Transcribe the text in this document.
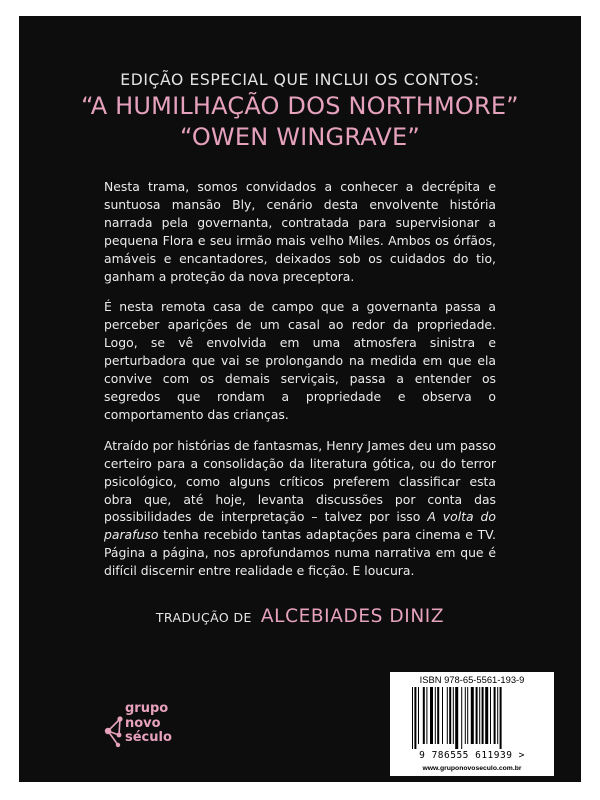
EDIÇÃO ESPECIAL QUE INCLUI OS CONTOS:
“A HUMILHAÇÃO DOS NORTHMORE”
“OWEN WINGRAVE”

Nesta trama, somos convidados a conhecer a decrépita e suntuosa mansão Bly, cenário desta envolvente história narrada pela governanta, contratada para supervisionar a pequena Flora e seu irmão mais velho Miles. Ambos os órfãos, amáveis e encantadores, deixados sob os cuidados do tio, ganham a proteção da nova preceptora.

É nesta remota casa de campo que a governanta passa a perceber aparições de um casal ao redor da propriedade. Logo, se vê envolvida em uma atmosfera sinistra e perturbadora que vai se prolongando na medida em que ela convive com os demais serviçais, passa a entender os segredos que rondam a propriedade e observa o comportamento das crianças.

Atraído por histórias de fantasmas, Henry James deu um passo certeiro para a consolidação da literatura gótica, ou do terror psicológico, como alguns críticos preferem classificar esta obra que, até hoje, levanta discussões por conta das possibilidades de interpretação – talvez por isso A volta do parafuso tenha recebido tantas adaptações para cinema e TV. Página a página, nos aprofundamos numa narrativa em que é difícil discernir entre realidade e ficção. E loucura.

TRADUÇÃO DE ALCEBIADES DINIZ
grupo
novo
século
ISBN 978-65-5561-193-9
9 786555 611939 >
www.gruponovoseculo.com.br
